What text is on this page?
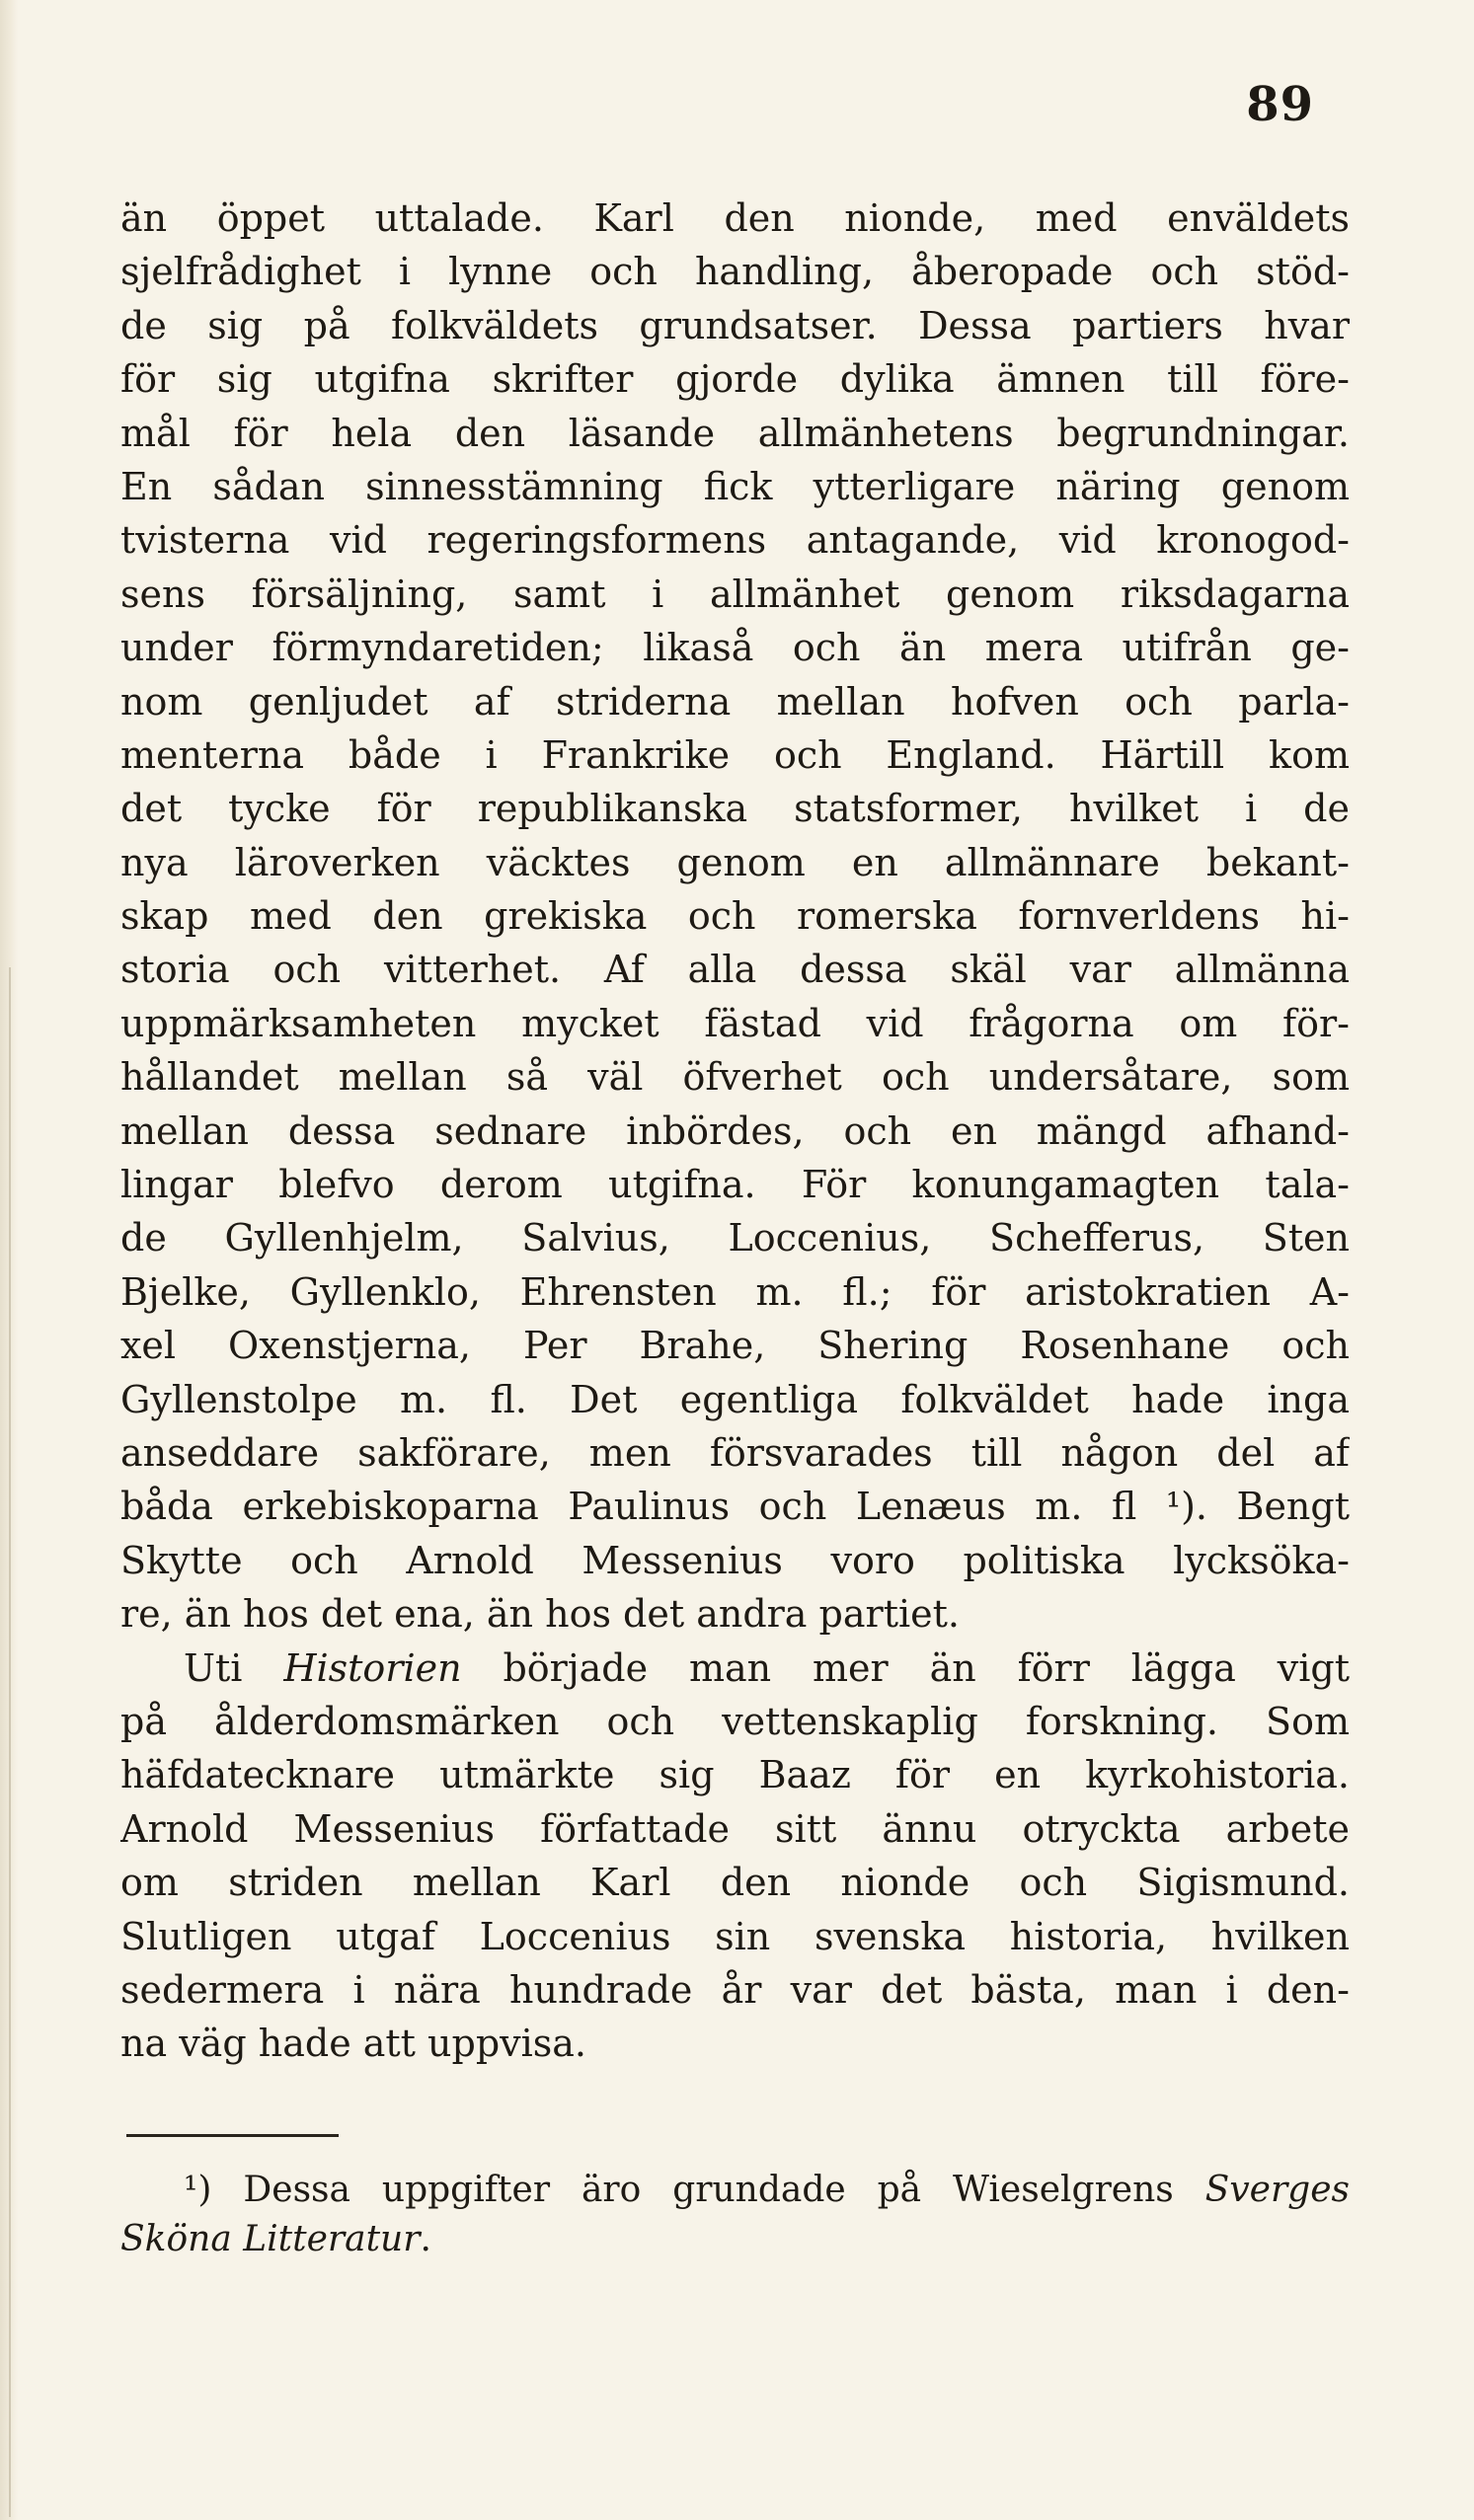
89
än öppet uttalade. Karl den nionde, med enväldets
sjelfrådighet i lynne och handling, åberopade och stöd-
de sig på folkväldets grundsatser. Dessa partiers hvar
för sig utgifna skrifter gjorde dylika ämnen till före-
mål för hela den läsande allmänhetens begrundningar.
En sådan sinnesstämning fick ytterligare näring genom
tvisterna vid regeringsformens antagande, vid kronogod-
sens försäljning, samt i allmänhet genom riksdagarna
under förmyndaretiden; likaså och än mera utifrån ge-
nom genljudet af striderna mellan hofven och parla-
menterna både i Frankrike och England. Härtill kom
det tycke för republikanska statsformer, hvilket i de
nya läroverken väcktes genom en allmännare bekant-
skap med den grekiska och romerska fornverldens hi-
storia och vitterhet. Af alla dessa skäl var allmänna
uppmärksamheten mycket fästad vid frågorna om för-
hållandet mellan så väl öfverhet och undersåtare, som
mellan dessa sednare inbördes, och en mängd afhand-
lingar blefvo derom utgifna. För konungamagten tala-
de Gyllenhjelm, Salvius, Loccenius, Schefferus, Sten
Bjelke, Gyllenklo, Ehrensten m. fl.; för aristokratien A-
xel Oxenstjerna, Per Brahe, Shering Rosenhane och
Gyllenstolpe m. fl. Det egentliga folkväldet hade inga
anseddare sakförare, men försvarades till någon del af
båda erkebiskoparna Paulinus och Lenæus m. fl ¹). Bengt
Skytte och Arnold Messenius voro politiska lycksöka-
re, än hos det ena, än hos det andra partiet.
Uti Historien började man mer än förr lägga vigt
på ålderdomsmärken och vettenskaplig forskning. Som
häfdatecknare utmärkte sig Baaz för en kyrkohistoria.
Arnold Messenius författade sitt ännu otryckta arbete
om striden mellan Karl den nionde och Sigismund.
Slutligen utgaf Loccenius sin svenska historia, hvilken
sedermera i nära hundrade år var det bästa, man i den-
na väg hade att uppvisa.
¹) Dessa uppgifter äro grundade på Wieselgrens Sverges
Sköna Litteratur.
